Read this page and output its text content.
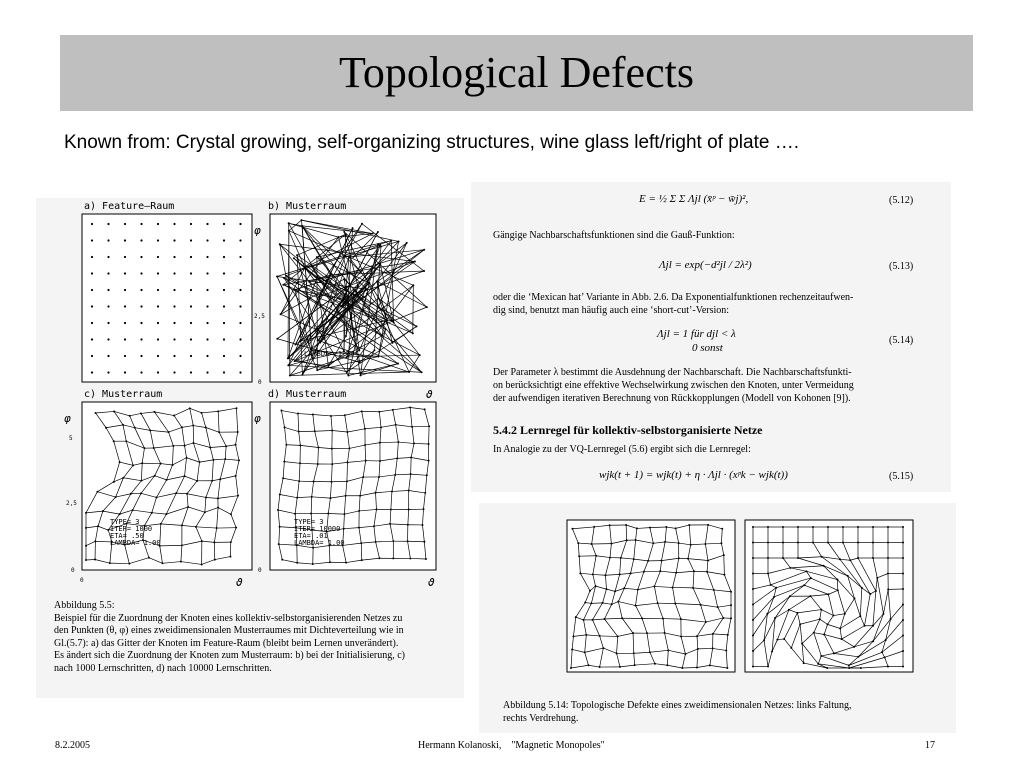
Topological Defects
Known from: Crystal growing, self-organizing structures, wine glass left/right of plate ….
a) Feature—Raum	b) Musterraum
c) Musterraum	d) Musterraum
φ
φ	φ
ϑ
ϑ	ϑ
2,5
0
5
2,5
0
0
0
LAMBDA= 1.00
TYPE= 3
ITER= 1000
ETA= .50
LAMBDA= 1.00
TYPE= 3
ITER= 10000
ETA= .01
LAMBDA= 1.00
Abbildung 5.5:
Beispiel für die Zuordnung der Knoten eines kollektiv-selbstorganisierenden Netzes zu
den Punkten (θ, φ) eines zweidimensionalen Musterraumes mit Dichteverteilung wie in
Gl.(5.7): a) das Gitter der Knoten im Feature-Raum (bleibt beim Lernen unverändert).
Es ändert sich die Zuordnung der Knoten zum Musterraum: b) bei der Initialisierung, c)
nach 1000 Lernschritten, d) nach 10000 Lernschritten.
E = ½ Σ Σ Λjl (x̄ᵖ − w̄j)²,	(5.12)
Gängige Nachbarschaftsfunktionen sind die Gauß-Funktion:
Λjl = exp(−d²jl / 2λ²)	(5.13)
oder die ‘Mexican hat’ Variante in Abb. 2.6. Da Exponentialfunktionen rechenzeitaufwen-
dig sind, benutzt man häufig auch eine ‘short-cut’-Version:
Λjl = 1 für djl < λ
0 sonst
(5.14)
Der Parameter λ bestimmt die Ausdehnung der Nachbarschaft. Die Nachbarschaftsfunkti-
on berücksichtigt eine effektive Wechselwirkung zwischen den Knoten, unter Vermeidung
der aufwendigen iterativen Berechnung von Rückkopplungen (Modell von Kohonen [9]).
5.4.2 Lernregel für kollektiv-selbstorganisierte Netze
In Analogie zu der VQ-Lernregel (5.6) ergibt sich die Lernregel:
wjk(t + 1) = wjk(t) + η · Λjl · (xᵖk − wjk(t))	(5.15)
Abbildung 5.14: Topologische Defekte eines zweidimensionalen Netzes: links Faltung,
rechts Verdrehung.
8.2.2005	Hermann Kolanoski,    "Magnetic Monopoles"	17
